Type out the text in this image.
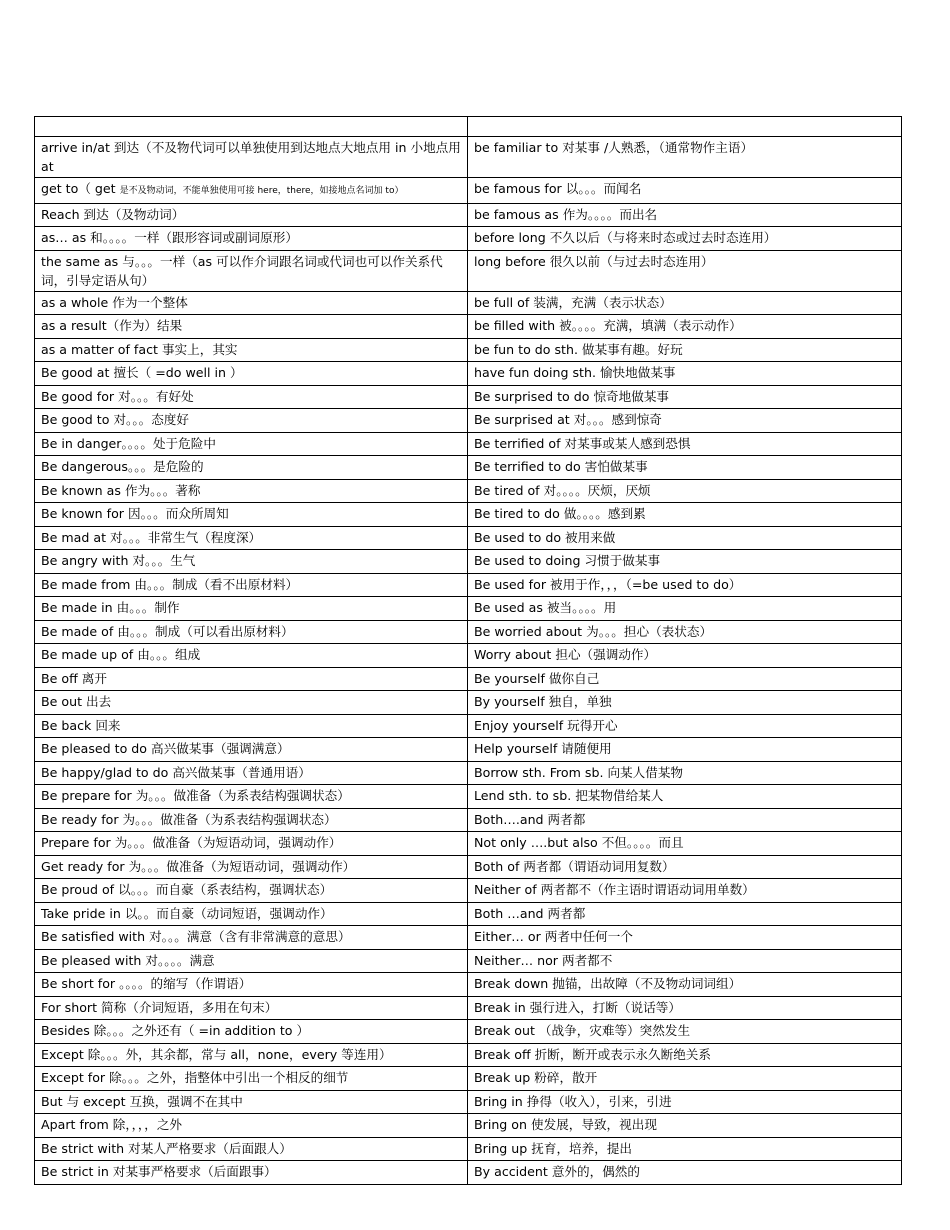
arrive in/at 到达（不及物代词可以单独使用到达地点大地点用 in 小地点用 at	be familiar to 对某事 /人熟悉，（通常物作主语）
get to（ get 是不及物动词，不能单独使用可接 here，there，如接地点名词加 to）	be famous for 以。。。而闻名
Reach 到达（及物动词）	be famous as 作为。。。。而出名
as… as 和。。。。一样（跟形容词或副词原形）	before long 不久以后（与将来时态或过去时态连用）
the same as 与。。。一样（as 可以作介词跟名词或代词也可以作关系代词，引导定语从句）	long before 很久以前（与过去时态连用）
as a whole 作为一个整体	be full of 装满，充满（表示状态）
as a result（作为）结果	be filled with 被。。。。充满，填满（表示动作）
as a matter of fact 事实上，其实	be fun to do sth. 做某事有趣。好玩
Be good at 擅长（ =do well in ）	have fun doing sth. 愉快地做某事
Be good for 对。。。有好处	Be surprised to do 惊奇地做某事
Be good to 对。。。态度好	Be surprised at 对。。。感到惊奇
Be in danger。。。。处于危险中	Be terrified of 对某事或某人感到恐惧
Be dangerous。。。是危险的	Be terrified to do 害怕做某事
Be known as 作为。。。著称	Be tired of 对。。。。厌烦，厌烦
Be known for 因。。。而众所周知	Be tired to do 做。。。。感到累
Be mad at 对。。。非常生气（程度深）	Be used to do 被用来做
Be angry with 对。。。生气	Be used to doing 习惯于做某事
Be made from 由。。。制成（看不出原材料）	Be used for 被用于作，，，（=be used to do）
Be made in 由。。。制作	Be used as 被当。。。。用
Be made of 由。。。制成（可以看出原材料）	Be worried about 为。。。担心（表状态）
Be made up of 由。。。组成	Worry about 担心（强调动作）
Be off 离开	Be yourself 做你自己
Be out 出去	By yourself 独自，单独
Be back 回来	Enjoy yourself 玩得开心
Be pleased to do 高兴做某事（强调满意）	Help yourself 请随便用
Be happy/glad to do 高兴做某事（普通用语）	Borrow sth. From sb. 向某人借某物
Be prepare for 为。。。做准备（为系表结构强调状态）	Lend sth. to sb. 把某物借给某人
Be ready for 为。。。做准备（为系表结构强调状态）	Both….and 两者都
Prepare for 为。。。做准备（为短语动词，强调动作）	Not only ….but also 不但。。。。而且
Get ready for 为。。。做准备（为短语动词，强调动作）	Both of 两者都（谓语动词用复数）
Be proud of 以。。。而自豪（系表结构，强调状态）	Neither of 两者都不（作主语时谓语动词用单数）
Take pride in 以。。而自豪（动词短语，强调动作）	Both …and 两者都
Be satisfied with 对。。。满意（含有非常满意的意思）	Either… or 两者中任何一个
Be pleased with 对。。。。满意	Neither… nor 两者都不
Be short for 。。。。的缩写（作谓语）	Break down 抛锚，出故障（不及物动词词组）
For short 简称（介词短语，多用在句末）	Break in 强行进入，打断（说话等）
Besides 除。。。之外还有（ =in addition to ）	Break out （战争，灾难等）突然发生
Except 除。。。外，其余都，常与 all，none，every 等连用）	Break off 折断，断开或表示永久断绝关系
Except for 除。。。之外，指整体中引出一个相反的细节	Break up 粉碎，散开
But 与 except 互换，强调不在其中	Bring in 挣得（收入），引来，引进
Apart from 除，，，，之外	Bring on 使发展，导致，视出现
Be strict with 对某人严格要求（后面跟人）	Bring up 抚育，培养，提出
Be strict in 对某事严格要求（后面跟事）	By accident 意外的，偶然的
